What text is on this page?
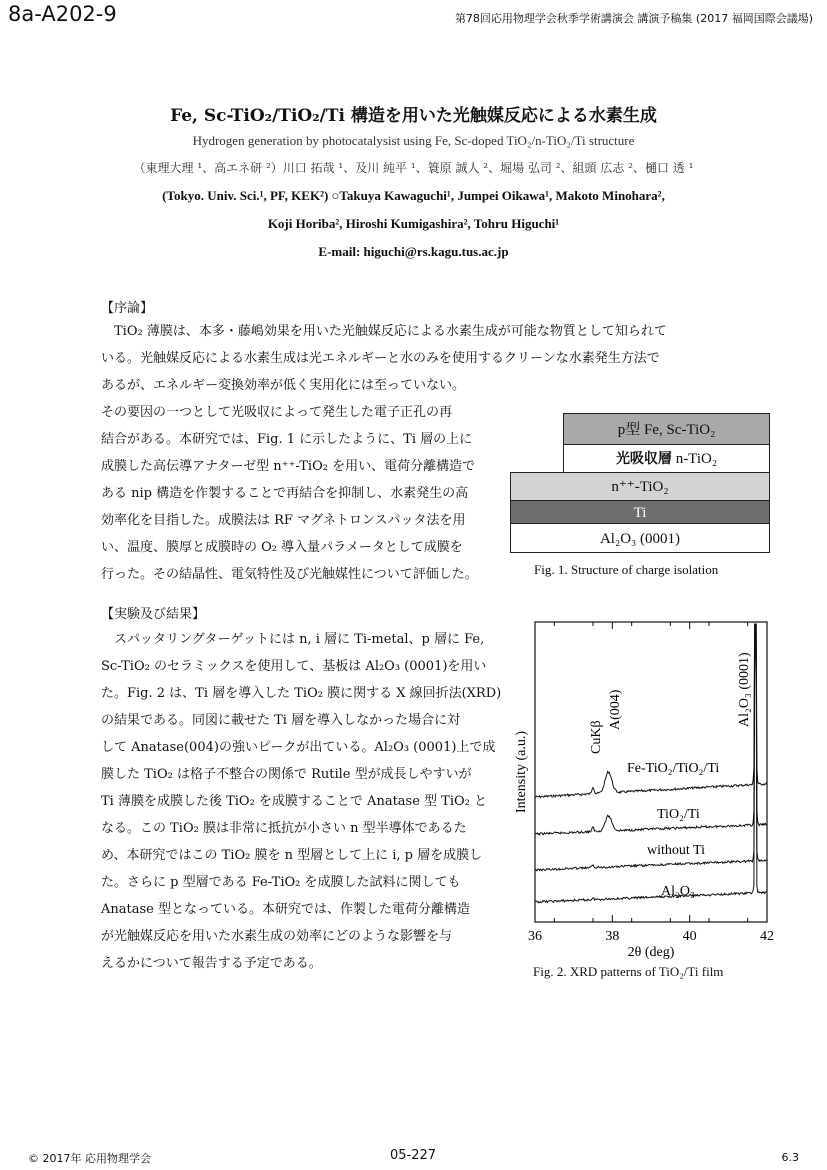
8a-A202-9	第78回応用物理学会秋季学術講演会 講演予稿集 (2017 福岡国際会議場)
Fe, Sc-TiO₂/TiO₂/Ti 構造を用いた光触媒反応による水素生成
Hydrogen generation by photocatalysist using Fe, Sc-doped TiO₂/n-TiO₂/Ti structure
（東理大理 ¹、高エネ研 ²）川口 拓哉 ¹、及川 純平 ¹、簑原 誠人 ²、堀場 弘司 ²、組頭 広志 ²、樋口 透 ¹
(Tokyo. Univ. Sci.¹, PF, KEK²) ○Takuya Kawaguchi¹, Jumpei Oikawa¹, Makoto Minohara²,
Koji Horiba², Hiroshi Kumigashira², Tohru Higuchi¹
E-mail: higuchi@rs.kagu.tus.ac.jp
【序論】
　TiO₂ 薄膜は、本多・藤嶋効果を用いた光触媒反応による水素生成が可能な物質として知られて
いる。光触媒反応による水素生成は光エネルギーと水のみを使用するクリーンな水素発生方法で
あるが、エネルギー変換効率が低く実用化には至っていない。
その要因の一つとして光吸収によって発生した電子正孔の再
結合がある。本研究では、Fig. 1 に示したように、Ti 層の上に
成膜した高伝導アナターゼ型 n⁺⁺-TiO₂ を用い、電荷分離構造で
ある nip 構造を作製することで再結合を抑制し、水素発生の高
効率化を目指した。成膜法は RF マグネトロンスパッタ法を用
い、温度、膜厚と成膜時の O₂ 導入量パラメータとして成膜を
行った。その結晶性、電気特性及び光触媒性について評価した。
【実験及び結果】
　スパッタリングターゲットには n, i 層に Ti-metal、p 層に Fe,
Sc-TiO₂ のセラミックスを使用して、基板は Al₂O₃ (0001)を用い
た。Fig. 2 は、Ti 層を導入した TiO₂ 膜に関する X 線回折法(XRD)
の結果である。同図に載せた Ti 層を導入しなかった場合に対
して Anatase(004)の強いピークが出ている。Al₂O₃ (0001)上で成
膜した TiO₂ は格子不整合の関係で Rutile 型が成長しやすいが
Ti 薄膜を成膜した後 TiO₂ を成膜することで Anatase 型 TiO₂ と
なる。この TiO₂ 膜は非常に抵抗が小さい n 型半導体であるた
め、本研究ではこの TiO₂ 膜を n 型層として上に i, p 層を成膜し
た。さらに p 型層である Fe-TiO₂ を成膜した試料に関しても
Anatase 型となっている。本研究では、作製した電荷分離構造
が光触媒反応を用いた水素生成の効率にどのような影響を与
えるかについて報告する予定である。
p型 Fe, Sc-TiO₂
光吸収層 n-TiO₂
n⁺⁺-TiO₂
Ti
Al₂O₃ (0001)
Fig. 1. Structure of charge isolation
36	38	40	42
CuKβ
A(004)	Al₂O₃ (0001)
Fe-TiO₂/TiO₂/Ti
TiO₂/Ti
without Ti
Al₂O₃
Intensity (a.u.)
2θ (deg)
Fig. 2. XRD patterns of TiO₂/Ti film
© 2017年 応用物理学会	05-227	6.3
